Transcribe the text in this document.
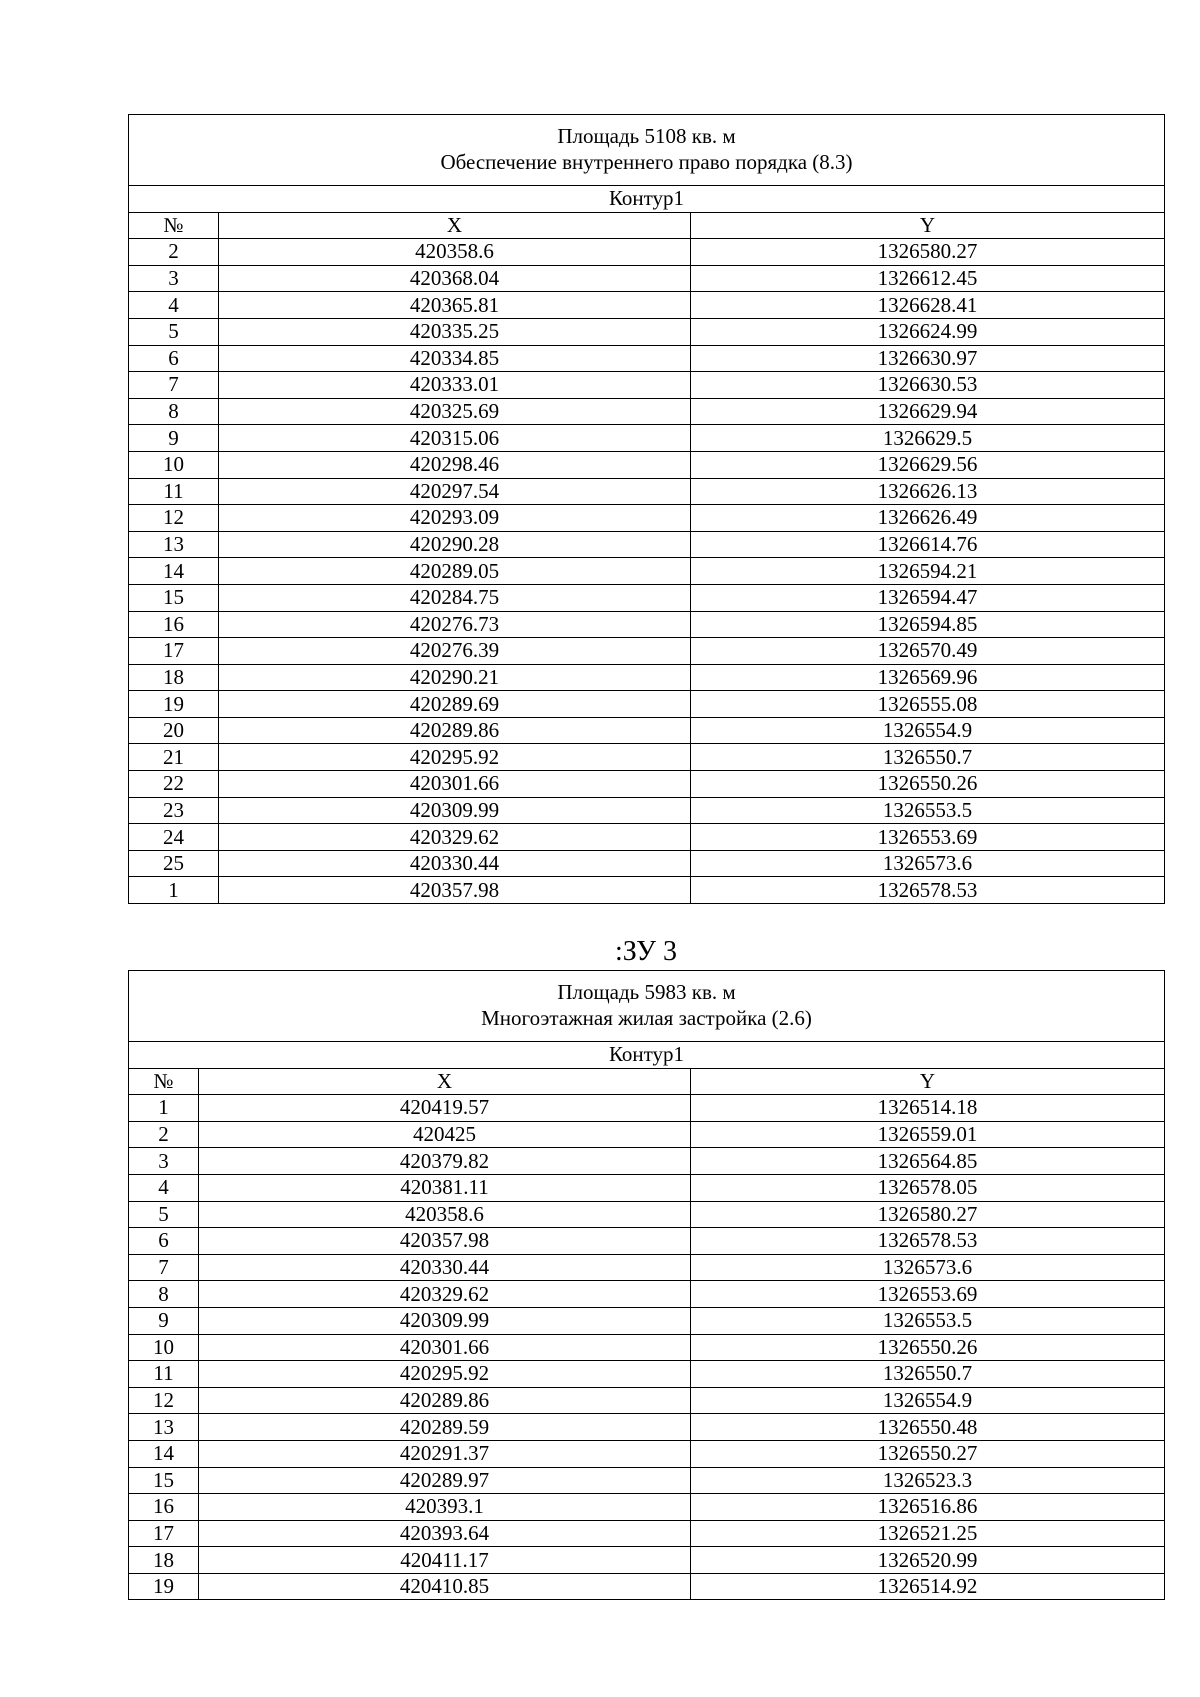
Площадь 5108 кв. м
Обеспечение внутреннего право порядка (8.3)		

Контур1		
№	X	Y
2	420358.6	1326580.27
3	420368.04	1326612.45
4	420365.81	1326628.41
5	420335.25	1326624.99
6	420334.85	1326630.97
7	420333.01	1326630.53
8	420325.69	1326629.94
9	420315.06	1326629.5
10	420298.46	1326629.56
11	420297.54	1326626.13
12	420293.09	1326626.49
13	420290.28	1326614.76
14	420289.05	1326594.21
15	420284.75	1326594.47
16	420276.73	1326594.85
17	420276.39	1326570.49
18	420290.21	1326569.96
19	420289.69	1326555.08
20	420289.86	1326554.9
21	420295.92	1326550.7
22	420301.66	1326550.26
23	420309.99	1326553.5
24	420329.62	1326553.69
25	420330.44	1326573.6
1	420357.98	1326578.53
:ЗУ 3
Площадь 5983 кв. м
Многоэтажная жилая застройка (2.6)		

Контур1		
№	X	Y
1	420419.57	1326514.18
2	420425	1326559.01
3	420379.82	1326564.85
4	420381.11	1326578.05
5	420358.6	1326580.27
6	420357.98	1326578.53
7	420330.44	1326573.6
8	420329.62	1326553.69
9	420309.99	1326553.5
10	420301.66	1326550.26
11	420295.92	1326550.7
12	420289.86	1326554.9
13	420289.59	1326550.48
14	420291.37	1326550.27
15	420289.97	1326523.3
16	420393.1	1326516.86
17	420393.64	1326521.25
18	420411.17	1326520.99
19	420410.85	1326514.92
